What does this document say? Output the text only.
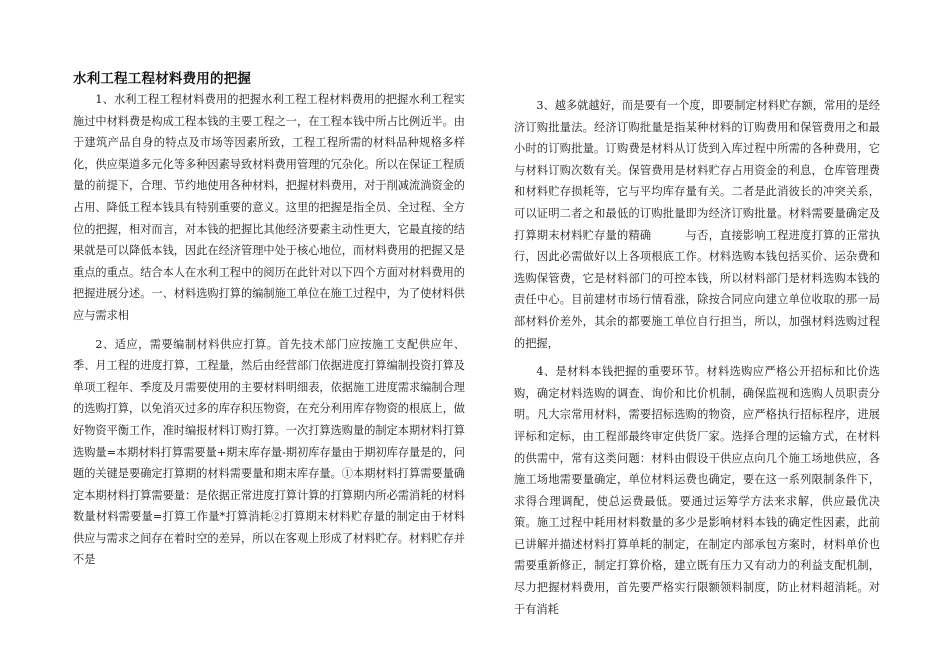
水利工程工程材料费用的把握

1、水利工程工程材料费用的把握水利工程工程材料费用的把握水利工程实施过中材料费是构成工程本钱的主要工程之一，在工程本钱中所占比例近半。由于建筑产品自身的特点及市场等因素所致，工程工程所需的材料品种规格多样化，供应渠道多元化等多种因素导致材料费用管理的冗杂化。所以在保证工程质量的前提下，合理、节约地使用各种材料，把握材料费用，对于削减流淌资金的占用、降低工程本钱具有特别重要的意义。这里的把握是指全员、全过程、全方位的把握，相对而言，对本钱的把握比其他经济要素主动性更大，它最直接的结果就是可以降低本钱，因此在经济管理中处于核心地位，而材料费用的把握又是重点的重点。结合本人在水利工程中的阅历在此针对以下四个方面对材料费用的把握进展分述。一、材料选购打算的编制施工单位在施工过程中，为了使材料供应与需求相

2、适应，需要编制材料供应打算。首先技术部门应按施工支配供应年、季、月工程的进度打算，工程量，然后由经营部门依据进度打算编制投资打算及单项工程年、季度及月需要使用的主要材料明细表，依据施工进度需求编制合理的选购打算，以免消灭过多的库存积压物资，在充分利用库存物资的根底上，做好物资平衡工作，准时编报材料订购打算。一次打算选购量的制定本期材料打算选购量=本期材料打算需要量+期末库存量-期初库存量由于期初库存量是的，问题的关键是要确定打算期的材料需要量和期末库存量。①本期材料打算需要量确定本期材料打算需要量：是依据正常进度打算计算的打算期内所必需消耗的材料数量材料需要量=打算工作量*打算消耗②打算期末材料贮存量的制定由于材料供应与需求之间存在着时空的差异，所以在客观上形成了材料贮存。材料贮存并不是

3、越多就越好，而是要有一个度，即要制定材料贮存额，常用的是经济订购批量法。经济订购批量是指某种材料的订购费用和保管费用之和最小时的订购批量。订购费是材料从订货到入库过程中所需的各种费用，它与材料订购次数有关。保管费用是材料贮存占用资金的利息，仓库管理费和材料贮存损耗等，它与平均库存量有关。二者是此消彼长的冲突关系，可以证明二者之和最低的订购批量即为经济订购批量。材料需要量确定及打算期末材料贮存量的精确　　　与否，直接影响工程进度打算的正常执行，因此必需做好以上各项根底工作。材料选购本钱包括买价、运杂费和选购保管费，它是材料部门的可控本钱，所以材料部门是材料选购本钱的责任中心。目前建材市场行情看涨，除按合同应向建立单位收取的那一局部材料价差外，其余的都要施工单位自行担当，所以，加强材料选购过程的把握，

4、是材料本钱把握的重要环节。材料选购应严格公开招标和比价选购，确定材料选购的调查、询价和比价机制，确保监视和选购人员职责分明。凡大宗常用材料，需要招标选购的物资，应严格执行招标程序，进展评标和定标，由工程部最终审定供货厂家。选择合理的运输方式，在材料的供需中，常有这类问题：材料由假设干供应点向几个施工场地供应，各施工场地需要量确定，单位材料运费也确定，要在这一系列限制条件下，求得合理调配，使总运费最低。要通过运筹学方法来求解，供应最优决策。施工过程中耗用材料数量的多少是影响材料本钱的确定性因素，此前已讲解并描述材料打算单耗的制定，在制定内部承包方案时，材料单价也需要重新修正，制定打算价格，建立既有压力又有动力的利益支配机制，尽力把握材料费用，首先要严格实行限额领料制度，防止材料超消耗。对于有消耗
